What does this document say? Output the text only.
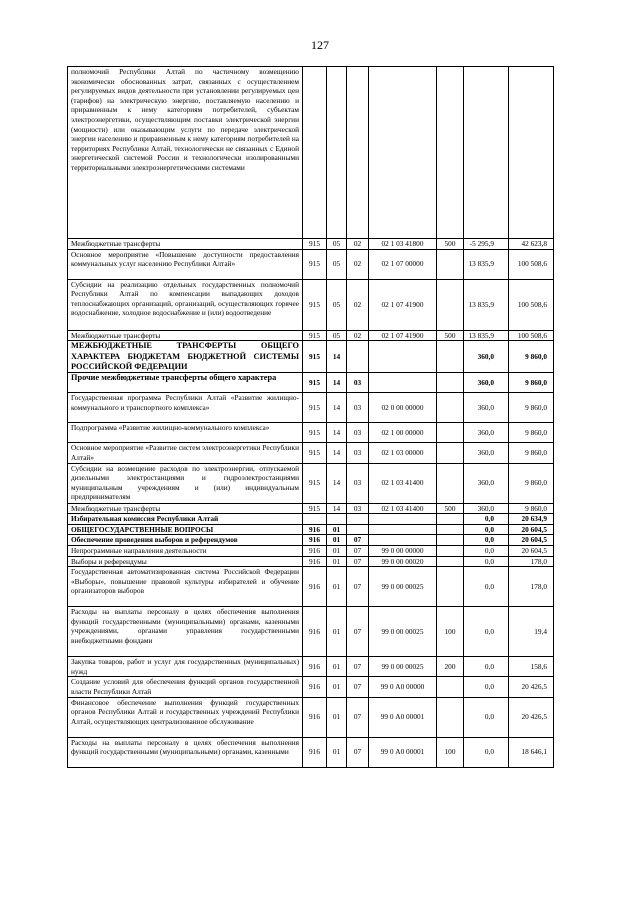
127
полномочий Республики Алтай по частичному возмещению экономически обоснованных затрат, связанных с осуществлением регулируемых видов деятельности при установлении регулируемых цен (тарифов) на электрическую энергию, поставляемую населению и приравненным к нему категориям потребителей, субъектам электроэнергетики, осуществляющим поставки электрической энергии (мощности) или оказывающим услуги по передаче электрической энергии населению и приравненным к нему категориям потребителей на территориях Республики Алтай, технологически не связанных с Единой энергетической системой России и технологически изолированными территориальными электроэнергетическими системами							
Межбюджетные трансферты	915	05	02	02 1 03 41800	500	-5 295,9	42 623,8
Основное мероприятие «Повышение доступности предоставления коммунальных услуг населению Республики Алтай»	915	05	02	02 1 07 00000		13 835,9	100 508,6
Субсидии на реализацию отдельных государственных полномочий Республики Алтай по компенсации выпадающих доходов теплоснабжающих организаций, организаций, осуществляющих горячее водоснабжение, холодное водоснабжение и (или) водоотведение	915	05	02	02 1 07 41900		13 835,9	100 508,6
Межбюджетные трансферты	915	05	02	02 1 07 41900	500	13 835,9	100 508,6
МЕЖБЮДЖЕТНЫЕ ТРАНСФЕРТЫ ОБЩЕГО ХАРАКТЕРА БЮДЖЕТАМ БЮДЖЕТНОЙ СИСТЕМЫ РОССИЙСКОЙ ФЕДЕРАЦИИ	915	14				360,0	9 860,0
Прочие межбюджетные трансферты общего характера	915	14	03			360,0	9 860,0
Государственная программа Республики Алтай «Развитие жилищно-коммунального и транспортного комплекса»	915	14	03	02 0 00 00000		360,0	9 860,0
Подпрограмма «Развитие жилищно-коммунального комплекса»	915	14	03	02 1 00 00000		360,0	9 860,0
Основное мероприятие «Развитие систем электроэнергетики Республики Алтай»	915	14	03	02 1 03 00000		360,0	9 860,0
Субсидии на возмещение расходов по электроэнергии, отпускаемой дизельными электростанциями и гидроэлектростанциями муниципальным учреждениям и (или) индивидуальным предпринимателям	915	14	03	02 1 03 41400		360,0	9 860,0
Межбюджетные трансферты	915	14	03	02 1 03 41400	500	360,0	9 860,0
Избирательная комиссия Республики Алтай						0,0	20 634,9
ОБЩЕГОСУДАРСТВЕННЫЕ ВОПРОСЫ	916	01				0,0	20 604,5
Обеспечение проведения выборов и референдумов	916	01	07			0,0	20 604,5
Непрограммные направления деятельности	916	01	07	99 0 00 00000		0,0	20 604,5
Выборы и референдумы	916	01	07	99 0 00 00020		0,0	178,0
Государственная автоматизированная система Российской Федерации «Выборы», повышение правовой культуры избирателей и обучение организаторов выборов	916	01	07	99 0 00 00025		0,0	178,0
Расходы на выплаты персоналу в целях обеспечения выполнения функций государственными (муниципальными) органами, казенными учреждениями, органами управления государственными внебюджетными фондами	916	01	07	99 0 00 00025	100	0,0	19,4
Закупка товаров, работ и услуг для государственных (муниципальных) нужд	916	01	07	99 0 00 00025	200	0,0	158,6
Создание условий для обеспечения функций органов государственной власти Республики Алтай	916	01	07	99 0 А0 00000		0,0	20 426,5
Финансовое обеспечение выполнения функций государственных органов Республики Алтай и государственных учреждений Республики Алтай, осуществляющих централизованное обслуживание	916	01	07	99 0 А0 00001		0,0	20 426,5
Расходы на выплаты персоналу в целях обеспечения выполнения функций государственными (муниципальными) органами, казенными	916	01	07	99 0 А0 00001	100	0,0	18 646,1
